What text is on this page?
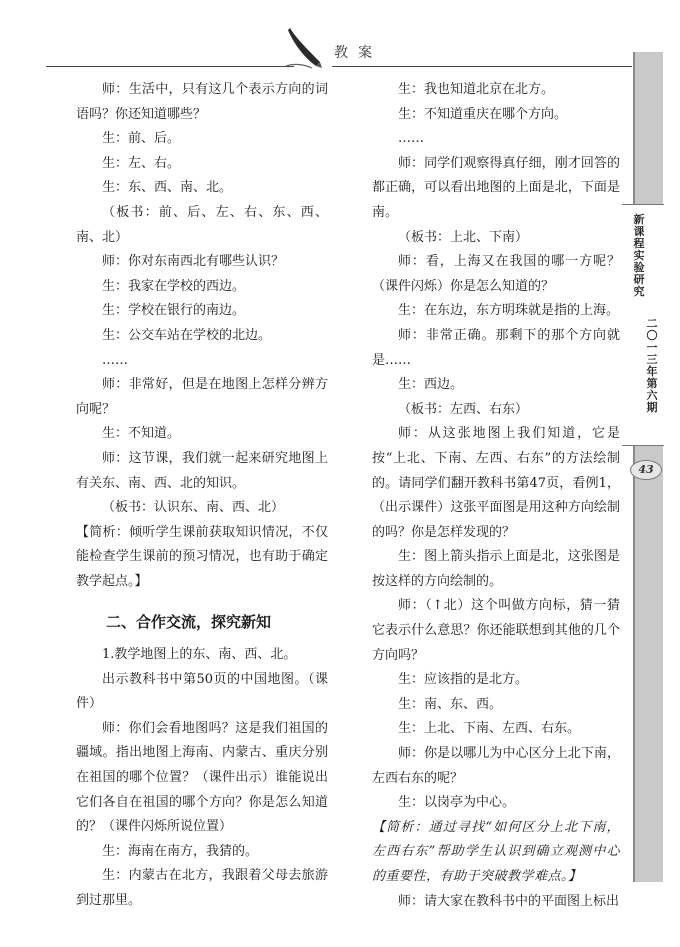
教案
师：生活中，只有这几个表示方向的词语吗？你还知道哪些？
生：前、后。
生：左、右。
生：东、西、南、北。
（板书：前、后、左、右、东、西、南、北）
师：你对东南西北有哪些认识？
生：我家在学校的西边。
生：学校在银行的南边。
生：公交车站在学校的北边。
……
师：非常好，但是在地图上怎样分辨方向呢？
生：不知道。
师：这节课，我们就一起来研究地图上有关东、南、西、北的知识。
（板书：认识东、南、西、北）
【简析：倾听学生课前获取知识情况，不仅能检查学生课前的预习情况，也有助于确定教学起点。】
二、合作交流，探究新知
1.教学地图上的东、南、西、北。
出示教科书中第50页的中国地图。（课件）
师：你们会看地图吗？这是我们祖国的疆域。指出地图上海南、内蒙古、重庆分别在祖国的哪个位置？（课件出示）谁能说出它们各自在祖国的哪个方向？你是怎么知道的？（课件闪烁所说位置）
生：海南在南方，我猜的。
生：内蒙古在北方，我跟着父母去旅游到过那里。
生：我也知道北京在北方。
生：不知道重庆在哪个方向。
……
师：同学们观察得真仔细，刚才回答的都正确，可以看出地图的上面是北，下面是南。
（板书：上北、下南）
师：看，上海又在我国的哪一方呢？（课件闪烁）你是怎么知道的？
生：在东边，东方明珠就是指的上海。
师：非常正确。那剩下的那个方向就是……
生：西边。
（板书：左西、右东）
师：从这张地图上我们知道，它是按“上北、下南、左西、右东”的方法绘制的。请同学们翻开教科书第47页，看例1，（出示课件）这张平面图是用这种方向绘制的吗？你是怎样发现的？
生：图上箭头指示上面是北，这张图是按这样的方向绘制的。
师：（↑北）这个叫做方向标，猜一猜它表示什么意思？你还能联想到其他的几个方向吗？
生：应该指的是北方。
生：南、东、西。
生：上北、下南、左西、右东。
师：你是以哪儿为中心区分上北下南，左西右东的呢？
生：以岗亭为中心。
【简析：通过寻找“如何区分上北下南，左西右东”帮助学生认识到确立观测中心的重要性，有助于突破教学难点。】
师：请大家在教科书中的平面图上标出
新课程实验研究
二〇一三年第六期
43
